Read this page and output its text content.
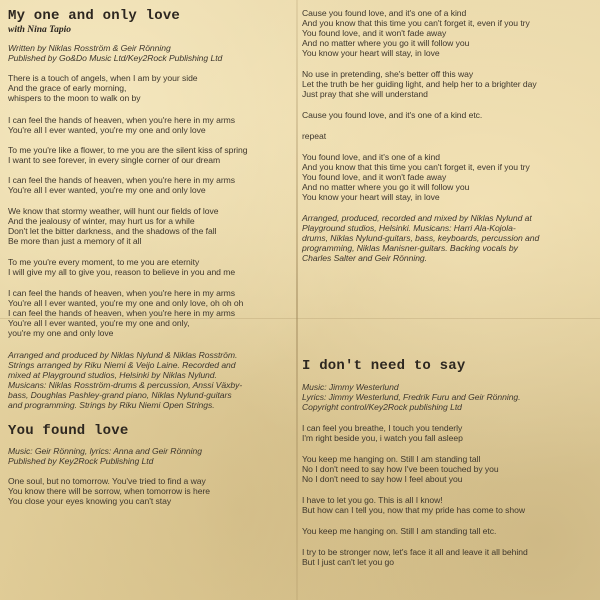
My one and only love
with Nina Tapio
Written by Niklas Rosström & Geir Rönning
Published by Go&Do Music Ltd/Key2Rock Publishing Ltd
There is a touch of angels, when I am by your side
And the grace of early morning,
whispers to the moon to walk on by
I can feel the hands of heaven, when you're here in my arms
You're all I ever wanted, you're my one and only love
To me you're like a flower, to me you are the silent kiss of spring
I want to see forever, in every single corner of our dream
I can feel the hands of heaven, when you're here in my arms
You're all I ever wanted, you're my one and only love
We know that stormy weather, will hunt our fields of love
And the jealousy of winter, may hurt us for a while
Don't let the bitter darkness, and the shadows of the fall
Be more than just a memory of it all
To me you're every moment, to me you are eternity
I will give my all to give you, reason to believe in you and me
I can feel the hands of heaven, when you're here in my arms
You're all I ever wanted, you're my one and only love, oh oh oh
I can feel the hands of heaven, when you're here in my arms
You're all I ever wanted, you're my one and only,
you're my one and only love
Arranged and produced by Niklas Nylund & Niklas Rosström.
Strings arranged by Riku Niemi & Veijo Laine. Recorded and
mixed at Playground studios, Helsinki by Niklas Nylund.
Musicans: Niklas Rosström-drums & percussion, Anssi Växby-
bass, Doughlas Pashley-grand piano, Niklas Nylund-guitars
and programming. Strings by Riku Niemi Open Strings.
You found love
Music: Geir Rönning, lyrics: Anna and Geir Rönning
Published by Key2Rock Publishing Ltd
One soul, but no tomorrow. You've tried to find a way
You know there will be sorrow, when tomorrow is here
You close your eyes knowing you can't stay
Cause you found love, and it's one of a kind
And you know that this time you can't forget it, even if you try
You found love, and it won't fade away
And no matter where you go it will follow you
You know your heart will stay, in love
No use in pretending, she's better off this way
Let the truth be her guiding light, and help her to a brighter day
Just pray that she will understand
Cause you found love, and it's one of a kind etc.
repeat
You found love, and it's one of a kind
And you know that this time you can't forget it, even if you try
You found love, and it won't fade away
And no matter where you go it will follow you
You know your heart will stay, in love
Arranged, produced, recorded and mixed by Niklas Nylund at
Playground studios, Helsinki. Musicans: Harri Ala-Kojola-
drums, Niklas Nylund-guitars, bass, keyboards, percussion and
programming, Niklas Manisner-guitars. Backing vocals by
Charles Salter and Geir Rönning.
I don't need to say
Music: Jimmy Westerlund
Lyrics: Jimmy Westerlund, Fredrik Furu and Geir Rönning.
Copyright control/Key2Rock publishing Ltd
I can feel you breathe, I touch you tenderly
I'm right beside you, i watch you fall asleep
You keep me hanging on. Still I am standing tall
No I don't need to say how I've been touched by you
No I don't need to say how I feel about you
I have to let you go. This is all I know!
But how can I tell you, now that my pride has come to show
You keep me hanging on. Still I am standing tall etc.
I try to be stronger now, let's face it all and leave it all behind
But I just can't let you go
